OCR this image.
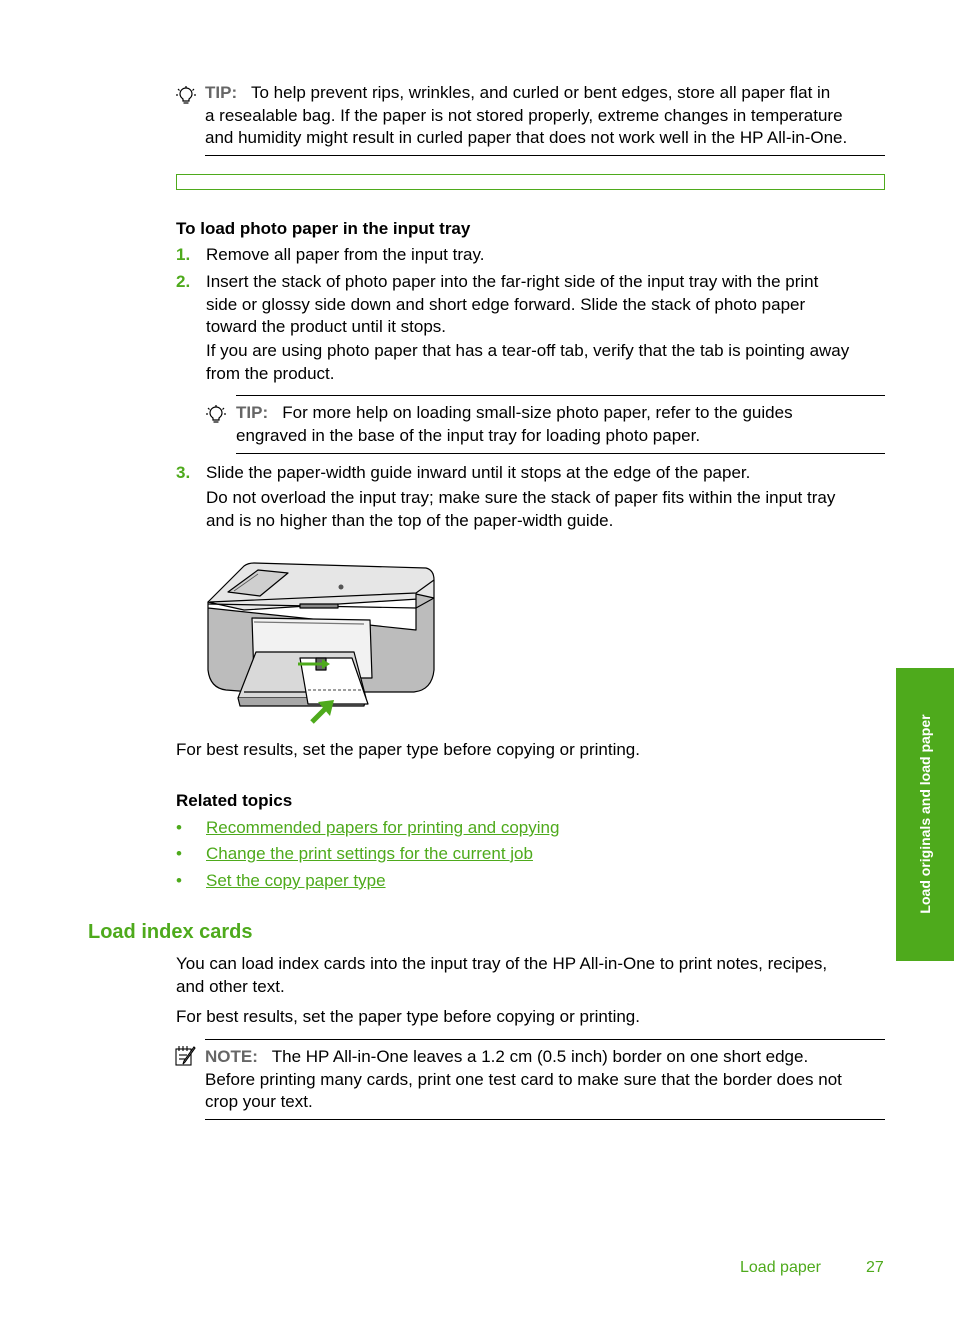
TIP: To help prevent rips, wrinkles, and curled or bent edges, store all paper flat in
a resealable bag. If the paper is not stored properly, extreme changes in temperature
and humidity might result in curled paper that does not work well in the HP All-in-One.
To load photo paper in the input tray
1. Remove all paper from the input tray.
2. Insert the stack of photo paper into the far-right side of the input tray with the print
side or glossy side down and short edge forward. Slide the stack of photo paper
toward the product until it stops.
If you are using photo paper that has a tear-off tab, verify that the tab is pointing away
from the product.
TIP: For more help on loading small-size photo paper, refer to the guides
engraved in the base of the input tray for loading photo paper.
3. Slide the paper-width guide inward until it stops at the edge of the paper.
Do not overload the input tray; make sure the stack of paper fits within the input tray
and is no higher than the top of the paper-width guide.
For best results, set the paper type before copying or printing.
Related topics
• Recommended papers for printing and copying
• Change the print settings for the current job
• Set the copy paper type
Load index cards
You can load index cards into the input tray of the HP All-in-One to print notes, recipes,
and other text.
For best results, set the paper type before copying or printing.
NOTE: The HP All-in-One leaves a 1.2 cm (0.5 inch) border on one short edge.
Before printing many cards, print one test card to make sure that the border does not
crop your text.
Load originals and load paper
Load paper	27
